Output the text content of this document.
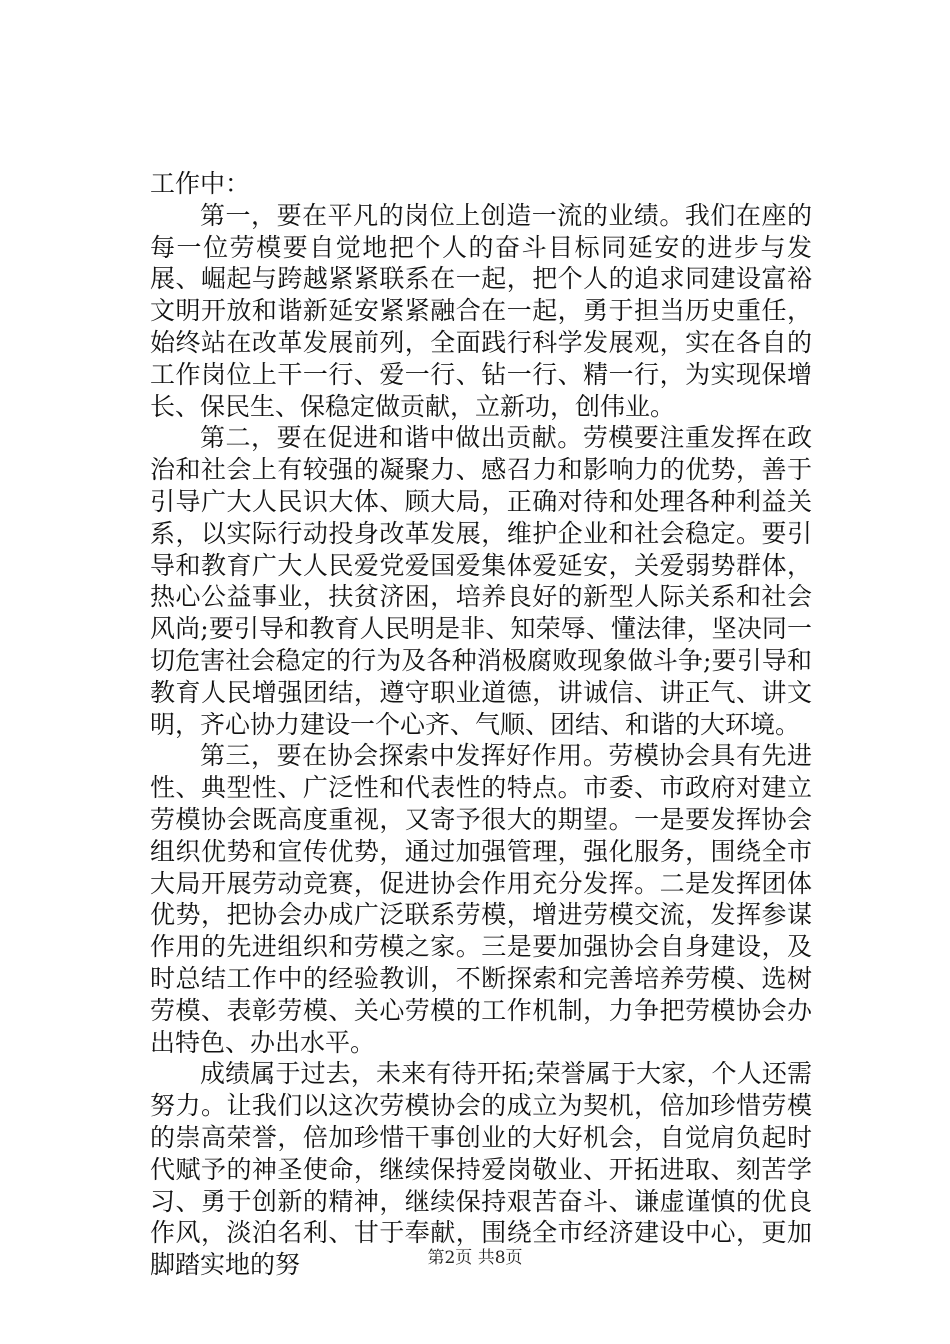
工作中：

第一，要在平凡的岗位上创造一流的业绩。我们在座的每一位劳模要自觉地把个人的奋斗目标同延安的进步与发展、崛起与跨越紧紧联系在一起，把个人的追求同建设富裕文明开放和谐新延安紧紧融合在一起，勇于担当历史重任，始终站在改革发展前列，全面践行科学发展观，实在各自的工作岗位上干一行、爱一行、钻一行、精一行，为实现保增长、保民生、保稳定做贡献，立新功，创伟业。

第二，要在促进和谐中做出贡献。劳模要注重发挥在政治和社会上有较强的凝聚力、感召力和影响力的优势，善于引导广大人民识大体、顾大局，正确对待和处理各种利益关系，以实际行动投身改革发展，维护企业和社会稳定。要引导和教育广大人民爱党爱国爱集体爱延安，关爱弱势群体，热心公益事业，扶贫济困，培养良好的新型人际关系和社会风尚;要引导和教育人民明是非、知荣辱、懂法律，坚决同一切危害社会稳定的行为及各种消极腐败现象做斗争;要引导和教育人民增强团结，遵守职业道德，讲诚信、讲正气、讲文明，齐心协力建设一个心齐、气顺、团结、和谐的大环境。

第三，要在协会探索中发挥好作用。劳模协会具有先进性、典型性、广泛性和代表性的特点。市委、市政府对建立劳模协会既高度重视，又寄予很大的期望。一是要发挥协会组织优势和宣传优势，通过加强管理，强化服务，围绕全市大局开展劳动竞赛，促进协会作用充分发挥。二是发挥团体优势，把协会办成广泛联系劳模，增进劳模交流，发挥参谋作用的先进组织和劳模之家。三是要加强协会自身建设，及时总结工作中的经验教训，不断探索和完善培养劳模、选树劳模、表彰劳模、关心劳模的工作机制，力争把劳模协会办出特色、办出水平。

成绩属于过去，未来有待开拓;荣誉属于大家，个人还需努力。让我们以这次劳模协会的成立为契机，倍加珍惜劳模的崇高荣誉，倍加珍惜干事创业的大好机会，自觉肩负起时代赋予的神圣使命，继续保持爱岗敬业、开拓进取、刻苦学习、勇于创新的精神，继续保持艰苦奋斗、谦虚谨慎的优良作风，淡泊名利、甘于奉献，围绕全市经济建设中心，更加脚踏实地的努	第2页 共8页
